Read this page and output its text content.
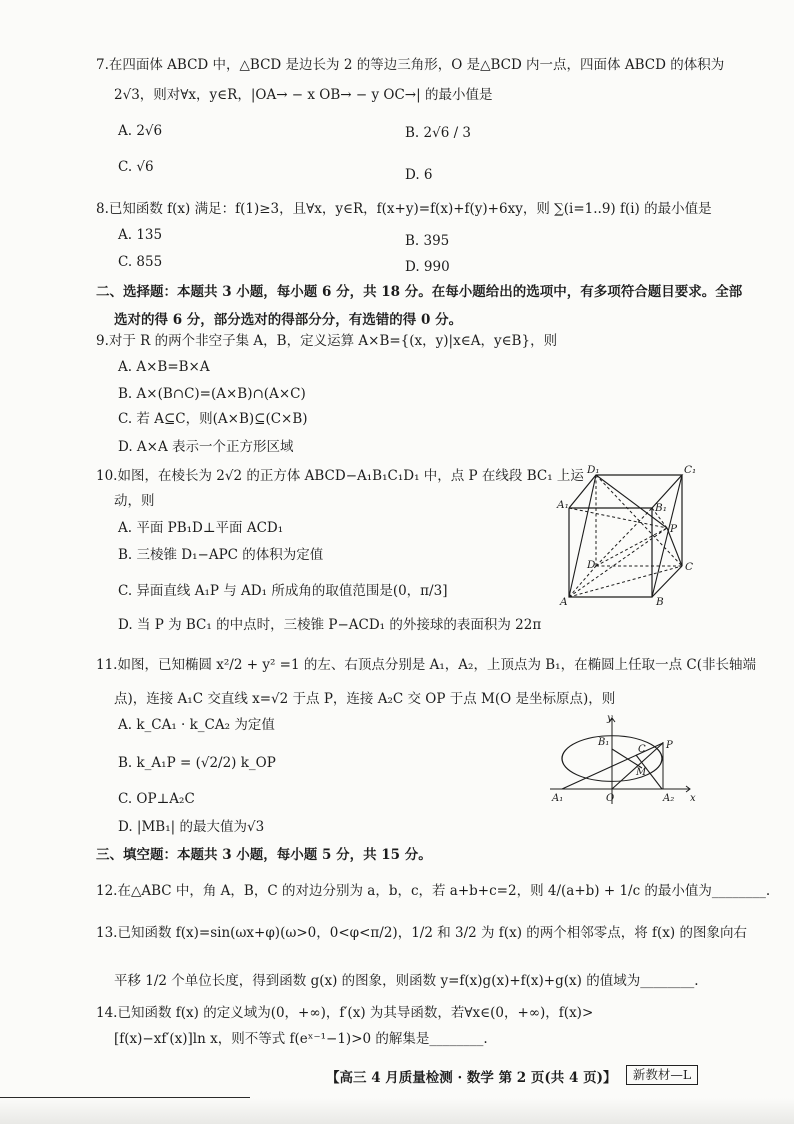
7.在四面体 ABCD 中，△BCD 是边长为 2 的等边三角形，O 是△BCD 内一点，四面体 ABCD 的体积为
2√3，则对∀x，y∈R，|OA→ − x OB→ − y OC→| 的最小值是
A. 2√6	B. 2√6 / 3
C. √6	D. 6
8.已知函数 f(x) 满足：f(1)≥3，且∀x，y∈R，f(x+y)=f(x)+f(y)+6xy，则 ∑(i=1..9) f(i) 的最小值是
A. 135	B. 395
C. 855	D. 990
二、选择题：本题共 3 小题，每小题 6 分，共 18 分。在每小题给出的选项中，有多项符合题目要求。全部
选对的得 6 分，部分选对的得部分分，有选错的得 0 分。
9.对于 R 的两个非空子集 A，B，定义运算 A×B={(x，y)|x∈A，y∈B}，则
A. A×B=B×A
B. A×(B∩C)=(A×B)∩(A×C)
C. 若 A⊆C，则(A×B)⊆(C×B)
D. A×A 表示一个正方形区域
10.如图，在棱长为 2√2 的正方体 ABCD−A₁B₁C₁D₁ 中，点 P 在线段 BC₁ 上运
动，则
A. 平面 PB₁D⊥平面 ACD₁
B. 三棱锥 D₁−APC 的体积为定值
C. 异面直线 A₁P 与 AD₁ 所成角的取值范围是(0，π/3]
D. 当 P 为 BC₁ 的中点时，三棱锥 P−ACD₁ 的外接球的表面积为 22π
D₁	C₁
A₁	B₁
P
D	C
A	B
11.如图，已知椭圆 x²/2 + y² =1 的左、右顶点分别是 A₁，A₂，上顶点为 B₁，在椭圆上任取一点 C(非长轴端
点)，连接 A₁C 交直线 x=√2 于点 P，连接 A₂C 交 OP 于点 M(O 是坐标原点)，则
A. k_CA₁ · k_CA₂ 为定值
B. k_A₁P = (√2/2) k_OP
C. OP⊥A₂C
D. |MB₁| 的最大值为√3
y
B₁
C P
M
A₁	O	A₂ x
三、填空题：本题共 3 小题，每小题 5 分，共 15 分。
12.在△ABC 中，角 A，B，C 的对边分别为 a，b，c，若 a+b+c=2，则 4/(a+b) + 1/c 的最小值为________.
13.已知函数 f(x)=sin(ωx+φ)(ω>0，0<φ<π/2)，1/2 和 3/2 为 f(x) 的两个相邻零点，将 f(x) 的图象向右
平移 1/2 个单位长度，得到函数 g(x) 的图象，则函数 y=f(x)g(x)+f(x)+g(x) 的值域为________.
14.已知函数 f(x) 的定义域为(0，+∞)，f′(x) 为其导函数，若∀x∈(0，+∞)，f(x)>
[f(x)−xf′(x)]ln x，则不等式 f(eˣ⁻¹−1)>0 的解集是________.
【高三 4 月质量检测 · 数学 第 2 页(共 4 页)】	新教材—L
